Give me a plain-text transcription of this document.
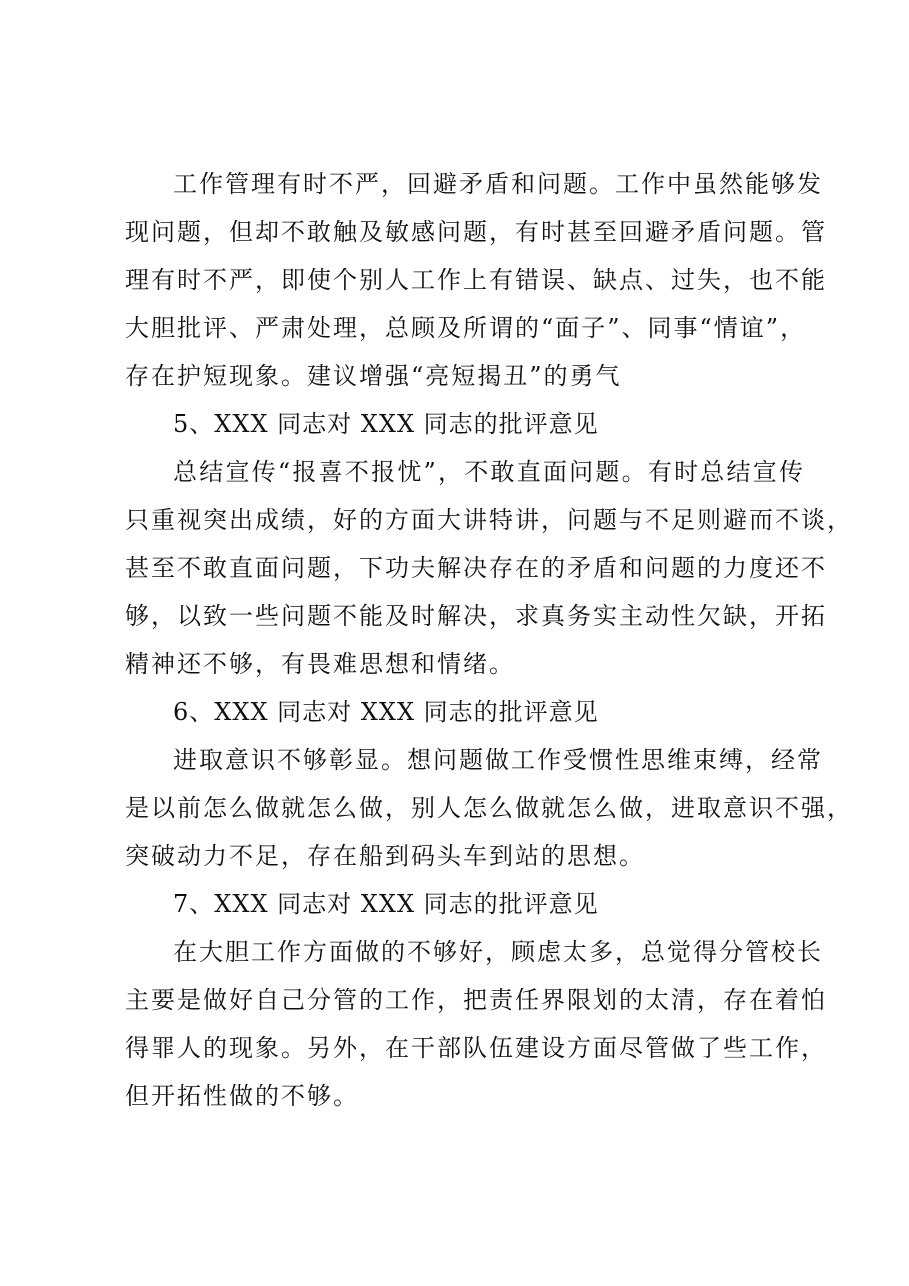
工作管理有时不严，回避矛盾和问题。工作中虽然能够发
现问题，但却不敢触及敏感问题，有时甚至回避矛盾问题。管
理有时不严，即使个别人工作上有错误、缺点、过失，也不能
大胆批评、严肃处理，总顾及所谓的“面子”、同事“情谊”，
存在护短现象。建议增强“亮短揭丑”的勇气
5、XXX 同志对 XXX 同志的批评意见
总结宣传“报喜不报忧”，不敢直面问题。有时总结宣传
只重视突出成绩，好的方面大讲特讲，问题与不足则避而不谈，
甚至不敢直面问题，下功夫解决存在的矛盾和问题的力度还不
够，以致一些问题不能及时解决，求真务实主动性欠缺，开拓
精神还不够，有畏难思想和情绪。
6、XXX 同志对 XXX 同志的批评意见
进取意识不够彰显。想问题做工作受惯性思维束缚，经常
是以前怎么做就怎么做，别人怎么做就怎么做，进取意识不强，
突破动力不足，存在船到码头车到站的思想。
7、XXX 同志对 XXX 同志的批评意见
在大胆工作方面做的不够好，顾虑太多，总觉得分管校长
主要是做好自己分管的工作，把责任界限划的太清，存在着怕
得罪人的现象。另外，在干部队伍建设方面尽管做了些工作，
但开拓性做的不够。
